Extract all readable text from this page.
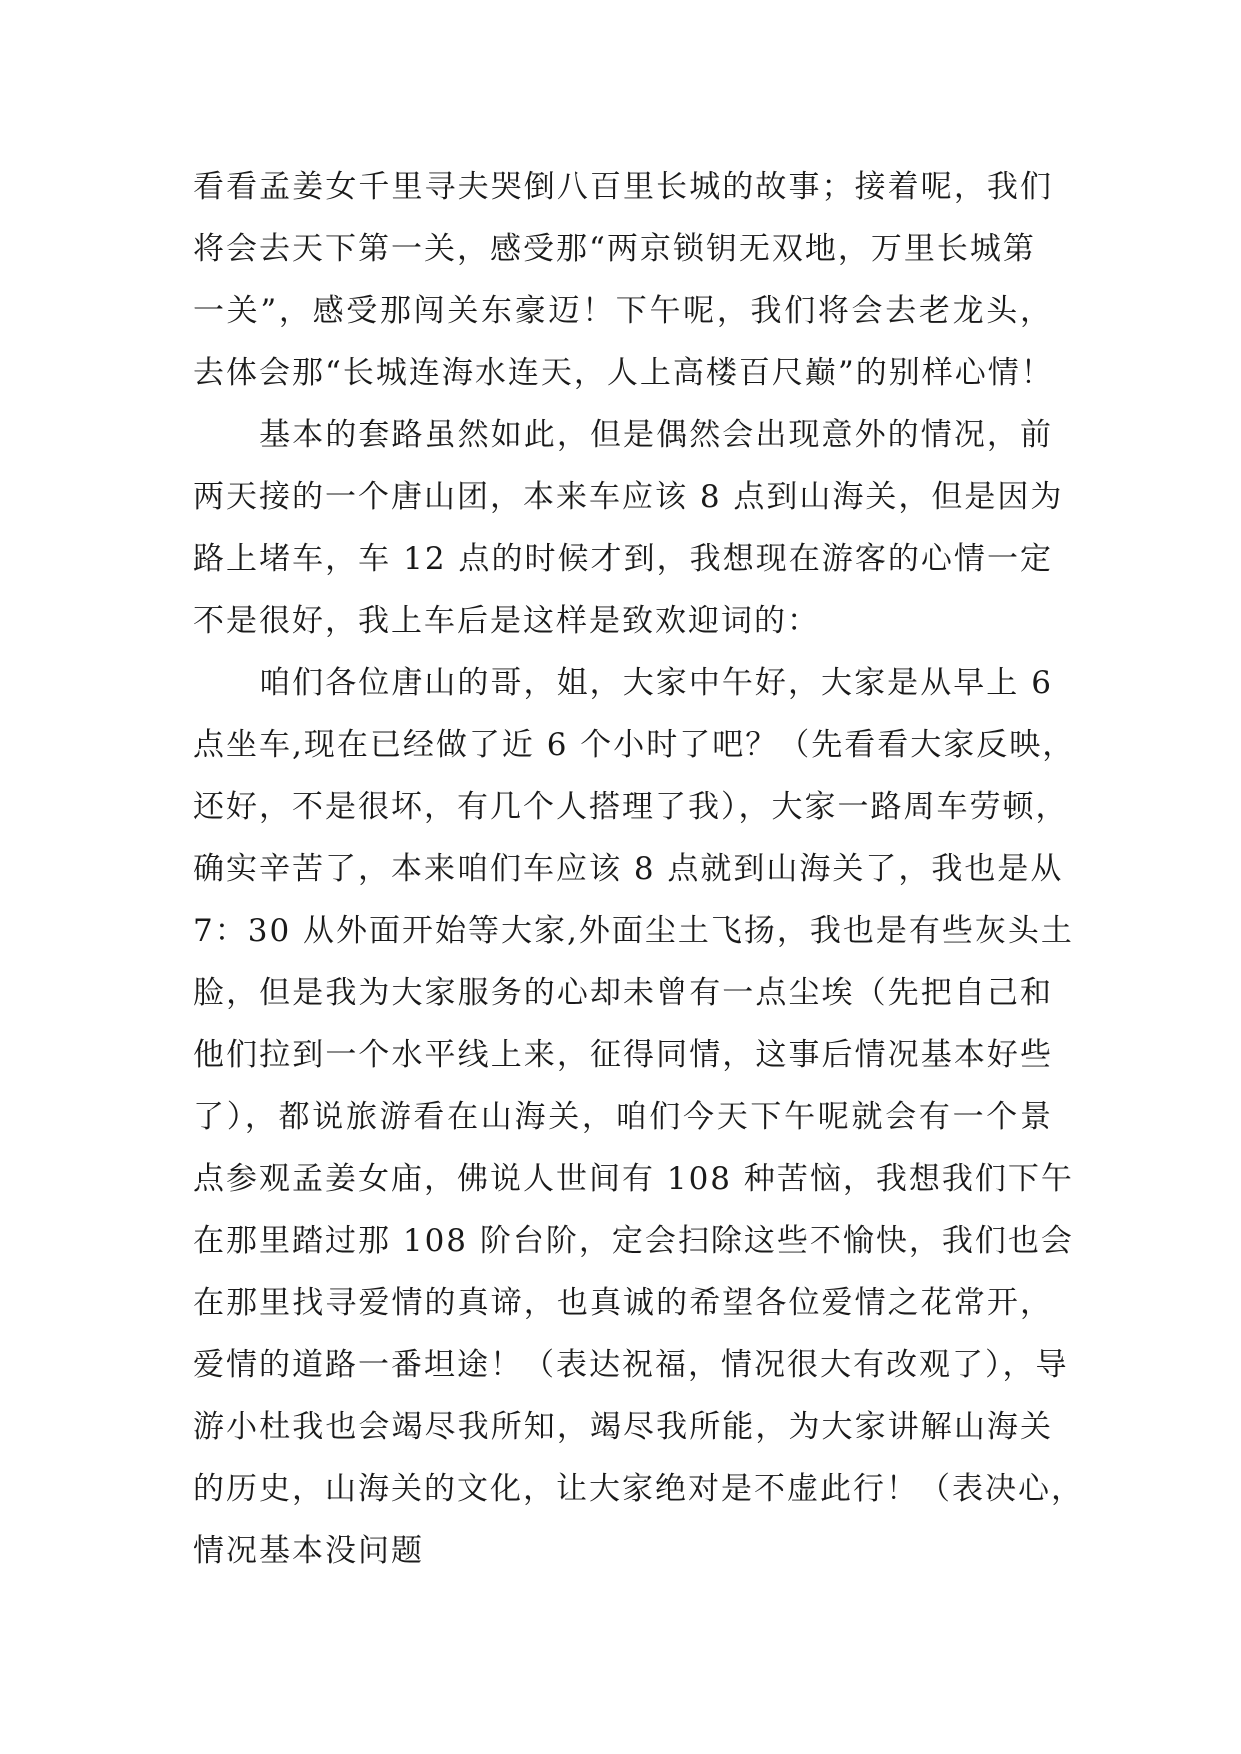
看看孟姜女千里寻夫哭倒八百里长城的故事；接着呢，我们
将会去天下第一关，感受那“两京锁钥无双地，万里长城第
一关”，感受那闯关东豪迈！下午呢，我们将会去老龙头，
去体会那“长城连海水连天，人上高楼百尺巅”的别样心情！
　　基本的套路虽然如此，但是偶然会出现意外的情况，前
两天接的一个唐山团，本来车应该 8 点到山海关，但是因为
路上堵车，车 12 点的时候才到，我想现在游客的心情一定
不是很好，我上车后是这样是致欢迎词的：
　　咱们各位唐山的哥，姐，大家中午好，大家是从早上 6
点坐车,现在已经做了近 6 个小时了吧？（先看看大家反映，
还好，不是很坏，有几个人搭理了我），大家一路周车劳顿，
确实辛苦了，本来咱们车应该 8 点就到山海关了，我也是从
7：30 从外面开始等大家,外面尘土飞扬，我也是有些灰头土
脸，但是我为大家服务的心却未曾有一点尘埃（先把自己和
他们拉到一个水平线上来，征得同情，这事后情况基本好些
了），都说旅游看在山海关，咱们今天下午呢就会有一个景
点参观孟姜女庙，佛说人世间有 108 种苦恼，我想我们下午
在那里踏过那 108 阶台阶，定会扫除这些不愉快，我们也会
在那里找寻爱情的真谛，也真诚的希望各位爱情之花常开，
爱情的道路一番坦途！（表达祝福，情况很大有改观了），导
游小杜我也会竭尽我所知，竭尽我所能，为大家讲解山海关
的历史，山海关的文化，让大家绝对是不虚此行！（表决心，
情况基本没问题
